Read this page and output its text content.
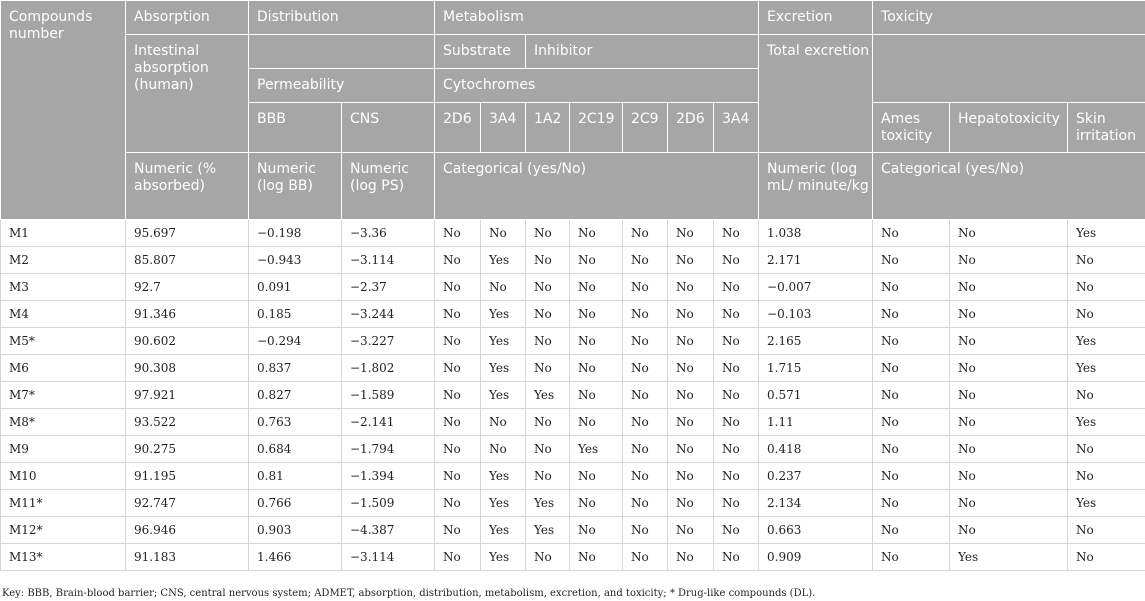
Compounds number	Absorption	Distribution		Metabolism							Excretion	Toxicity		
	Intestinal absorption (human)			Substrate		Inhibitor					Total excretion			
		Permeability		Cytochromes										
		BBB	CNS	2D6	3A4	1A2	2C19	2C9	2D6	3A4		Ames toxicity	Hepatotoxicity	Skin irritation
	Numeric (% absorbed)	Numeric (log BB)	Numeric (log PS)	Categorical (yes/No)							Numeric (log mL/ minute/kg	Categorical (yes/No)		
M1	95.697	−0.198	−3.36	No	No	No	No	No	No	No	1.038	No	No	Yes
M2	85.807	−0.943	−3.114	No	Yes	No	No	No	No	No	2.171	No	No	No
M3	92.7	0.091	−2.37	No	No	No	No	No	No	No	−0.007	No	No	No
M4	91.346	0.185	−3.244	No	Yes	No	No	No	No	No	−0.103	No	No	No
M5*	90.602	−0.294	−3.227	No	Yes	No	No	No	No	No	2.165	No	No	Yes
M6	90.308	0.837	−1.802	No	Yes	No	No	No	No	No	1.715	No	No	Yes
M7*	97.921	0.827	−1.589	No	Yes	Yes	No	No	No	No	0.571	No	No	No
M8*	93.522	0.763	−2.141	No	No	No	No	No	No	No	1.11	No	No	Yes
M9	90.275	0.684	−1.794	No	No	No	Yes	No	No	No	0.418	No	No	No
M10	91.195	0.81	−1.394	No	Yes	No	No	No	No	No	0.237	No	No	No
M11*	92.747	0.766	−1.509	No	Yes	Yes	No	No	No	No	2.134	No	No	Yes
M12*	96.946	0.903	−4.387	No	Yes	Yes	No	No	No	No	0.663	No	No	No
M13*	91.183	1.466	−3.114	No	Yes	No	No	No	No	No	0.909	No	Yes	No
Key: BBB, Brain-blood barrier; CNS, central nervous system; ADMET, absorption, distribution, metabolism, excretion, and toxicity; * Drug-like compounds (DL).
